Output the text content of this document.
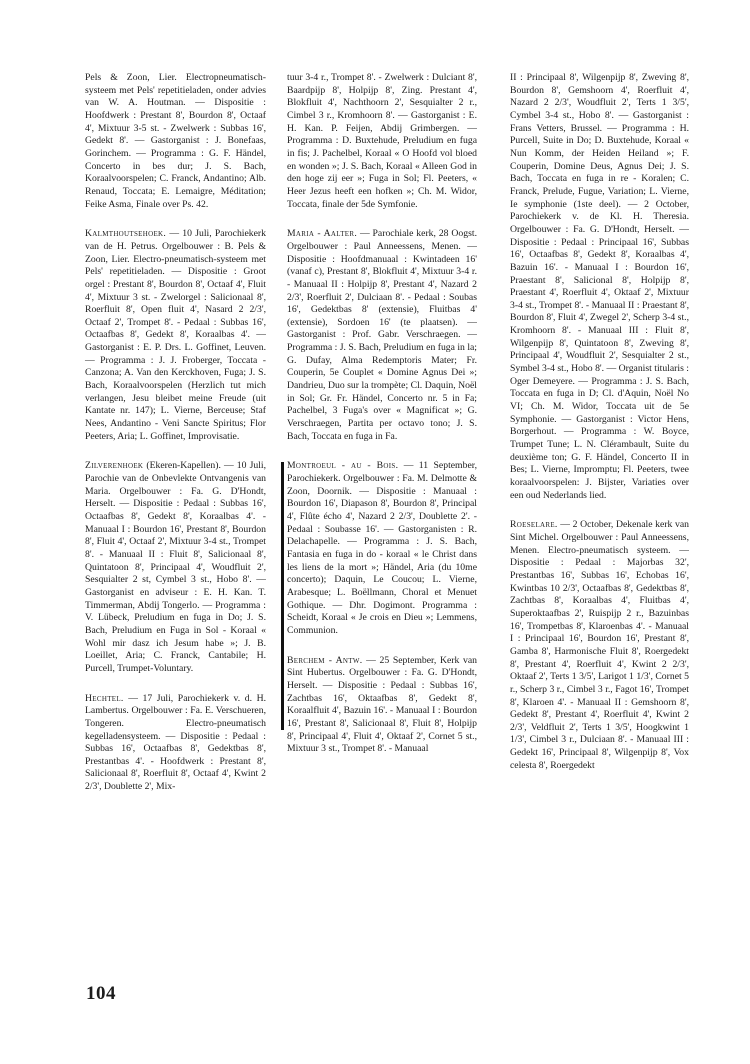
Pels & Zoon, Lier. Electropneumatisch-systeem met Pels' repetitieladen, onder advies van W. A. Houtman. — Dispositie : Hoofdwerk : Prestant 8', Bourdon 8', Octaaf 4', Mixtuur 3-5 st. - Zwelwerk : Subbas 16', Gedekt 8'. — Gastorganist : J. Bonefaas, Gorinchem. — Programma : G. F. Händel, Concerto in bes dur; J. S. Bach, Koraalvoorspelen; C. Franck, Andantino; Alb. Renaud, Toccata; E. Lemaigre, Méditation; Feike Asma, Finale over Ps. 42.

Kalmthoutsehoek. — 10 Juli, Parochiekerk van de H. Petrus. Orgelbouwer : B. Pels & Zoon, Lier. Electro-pneumatisch-systeem met Pels' repetitieladen. — Dispositie : Groot orgel : Prestant 8', Bourdon 8', Octaaf 4', Fluit 4', Mixtuur 3 st. - Zwelorgel : Salicionaal 8', Roerfluit 8', Open fluit 4', Nasard 2 2/3', Octaaf 2', Trompet 8'. - Pedaal : Subbas 16', Octaafbas 8', Gedekt 8', Koraalbas 4'. — Gastorganist : E. P. Drs. L. Goffinet, Leuven. — Programma : J. J. Froberger, Toccata - Canzona; A. Van den Kerckhoven, Fuga; J. S. Bach, Koraalvoorspelen (Herzlich tut mich verlangen, Jesu bleibet meine Freude (uit Kantate nr. 147); L. Vierne, Berceuse; Staf Nees, Andantino - Veni Sancte Spiritus; Flor Peeters, Aria; L. Goffinet, Improvisatie.

Zilverenhoek (Ekeren-Kapellen). — 10 Juli, Parochie van de Onbevlekte Ontvangenis van Maria. Orgelbouwer : Fa. G. D'Hondt, Herselt. — Dispositie : Pedaal : Subbas 16', Octaafbas 8', Gedekt 8', Koraalbas 4'. - Manuaal I : Bourdon 16', Prestant 8', Bourdon 8', Fluit 4', Octaaf 2', Mixtuur 3-4 st., Trompet 8'. - Manuaal II : Fluit 8', Salicionaal 8', Quintatoon 8', Principaal 4', Woudfluit 2', Sesquialter 2 st, Cymbel 3 st., Hobo 8'. — Gastorganist en adviseur : E. H. Kan. T. Timmerman, Abdij Tongerlo. — Programma : V. Lübeck, Preludium en fuga in Do; J. S. Bach, Preludium en Fuga in Sol - Koraal « Wohl mir dasz ich Jesum habe »; J. B. Loeillet, Aria; C. Franck, Cantabile; H. Purcell, Trumpet-Voluntary.

Hechtel. — 17 Juli, Parochiekerk v. d. H. Lambertus. Orgelbouwer : Fa. E. Verschueren, Tongeren. Electro-pneumatisch kegelladensysteem. — Dispositie : Pedaal : Subbas 16', Octaafbas 8', Gedektbas 8', Prestantbas 4'. - Hoofdwerk : Prestant 8', Salicionaal 8', Roerfluit 8', Octaaf 4', Kwint 2 2/3', Doublette 2', Mix-

tuur 3-4 r., Trompet 8'. - Zwelwerk : Dulciant 8', Baardpijp 8', Holpijp 8', Zing. Prestant 4', Blokfluit 4', Nachthoorn 2', Sesquialter 2 r., Cimbel 3 r., Kromhoorn 8'. — Gastorganist : E. H. Kan. P. Feijen, Abdij Grimbergen. — Programma : D. Buxtehude, Preludium en fuga in fis; J. Pachelbel, Koraal « O Hoofd vol bloed en wonden »; J. S. Bach, Koraal « Alleen God in den hoge zij eer »; Fuga in Sol; Fl. Peeters, « Heer Jezus heeft een hofken »; Ch. M. Widor, Toccata, finale der 5de Symfonie.

Maria - Aalter. — Parochiale kerk, 28 Oogst. Orgelbouwer : Paul Anneessens, Menen. — Dispositie : Hoofdmanuaal : Kwintadeen 16' (vanaf c), Prestant 8', Blokfluit 4', Mixtuur 3-4 r. - Manuaal II : Holpijp 8', Prestant 4', Nazard 2 2/3', Roerfluit 2', Dulciaan 8'. - Pedaal : Soubas 16', Gedektbas 8' (extensie), Fluitbas 4' (extensie), Sordoen 16' (te plaatsen). — Gastorganist : Prof. Gabr. Verschraegen. — Programma : J. S. Bach, Preludium en fuga in la; G. Dufay, Alma Redemptoris Mater; Fr. Couperin, 5e Couplet « Domine Agnus Dei »; Dandrieu, Duo sur la trompète; Cl. Daquin, Noël in Sol; Gr. Fr. Händel, Concerto nr. 5 in Fa; Pachelbel, 3 Fuga's over « Magnificat »; G. Verschraegen, Partita per octavo tono; J. S. Bach, Toccata en fuga in Fa.

Montroeul - au - Bois. — 11 September, Parochiekerk. Orgelbouwer : Fa. M. Delmotte & Zoon, Doornik. — Dispositie : Manuaal : Bourdon 16', Diapason 8', Bourdon 8', Principal 4', Flûte écho 4', Nazard 2 2/3', Doublette 2'. - Pedaal : Soubasse 16'. — Gastorganisten : R. Delachapelle. — Programma : J. S. Bach, Fantasia en fuga in do - koraal « le Christ dans les liens de la mort »; Händel, Aria (du 10me concerto); Daquin, Le Coucou; L. Vierne, Arabesque; L. Boëllmann, Choral et Menuet Gothique. — Dhr. Dogimont. Programma : Scheidt, Koraal « Je crois en Dieu »; Lemmens, Communion.

Berchem - Antw. — 25 September, Kerk van Sint Hubertus. Orgelbouwer : Fa. G. D'Hondt, Herselt. — Dispositie : Pedaal : Subbas 16', Zachtbas 16', Oktaafbas 8', Gedekt 8', Koraalfluit 4', Bazuin 16'. - Manuaal I : Bourdon 16', Prestant 8', Salicionaal 8', Fluit 8', Holpijp 8', Principaal 4', Fluit 4', Oktaaf 2', Cornet 5 st., Mixtuur 3 st., Trompet 8'. - Manuaal

II : Principaal 8', Wilgenpijp 8', Zweving 8', Bourdon 8', Gemshoorn 4', Roerfluit 4', Nazard 2 2/3', Woudfluit 2', Terts 1 3/5', Cymbel 3-4 st., Hobo 8'. — Gastorganist : Frans Vetters, Brussel. — Programma : H. Purcell, Suite in Do; D. Buxtehude, Koraal « Nun Komm, der Heiden Heiland »; F. Couperin, Domine Deus, Agnus Dei; J. S. Bach, Toccata en fuga in re - Koralen; C. Franck, Prelude, Fugue, Variation; L. Vierne, Ie symphonie (1ste deel). — 2 October, Parochiekerk v. de Kl. H. Theresia. Orgelbouwer : Fa. G. D'Hondt, Herselt. — Dispositie : Pedaal : Principaal 16', Subbas 16', Octaafbas 8', Gedekt 8', Koraalbas 4', Bazuin 16'. - Manuaal I : Bourdon 16', Praestant 8', Salicional 8', Holpijp 8', Praestant 4', Roerfluit 4', Oktaaf 2', Mixtuur 3-4 st., Trompet 8'. - Manuaal II : Praestant 8', Bourdon 8', Fluit 4', Zwegel 2', Scherp 3-4 st., Kromhoorn 8'. - Manuaal III : Fluit 8', Wilgenpijp 8', Quintatoon 8', Zweving 8', Principaal 4', Woudfluit 2', Sesquialter 2 st., Symbel 3-4 st., Hobo 8'. — Organist titularis : Oger Demeyere. — Programma : J. S. Bach, Toccata en fuga in D; Cl. d'Aquin, Noël No VI; Ch. M. Widor, Toccata uit de 5e Symphonie. — Gastorganist : Victor Hens, Borgerhout. — Programma : W. Boyce, Trumpet Tune; L. N. Clérambault, Suite du deuxième ton; G. F. Händel, Concerto II in Bes; L. Vierne, Impromptu; Fl. Peeters, twee koraalvoorspelen: J. Bijster, Variaties over een oud Nederlands lied.

Roeselare. — 2 October, Dekenale kerk van Sint Michel. Orgelbouwer : Paul Anneessens, Menen. Electro-pneumatisch systeem. — Dispositie : Pedaal : Majorbas 32', Prestantbas 16', Subbas 16', Echobas 16', Kwintbas 10 2/3', Octaafbas 8', Gedektbas 8', Zachtbas 8', Koraalbas 4', Fluitbas 4', Superoktaafbas 2', Ruispijp 2 r., Bazuinbas 16', Trompetbas 8', Klaroenbas 4'. - Manuaal I : Principaal 16', Bourdon 16', Prestant 8', Gamba 8', Harmonische Fluit 8', Roergedekt 8', Prestant 4', Roerfluit 4', Kwint 2 2/3', Oktaaf 2', Terts 1 3/5', Larigot 1 1/3', Cornet 5 r., Scherp 3 r., Cimbel 3 r., Fagot 16', Trompet 8', Klaroen 4'. - Manuaal II : Gemshoorn 8', Gedekt 8', Prestant 4', Roerfluit 4', Kwint 2 2/3', Veldfluit 2', Terts 1 3/5', Hoogkwint 1 1/3', Cimbel 3 r., Dulciaan 8'. - Manuaal III : Gedekt 16', Principaal 8', Wilgenpijp 8', Vox celesta 8', Roergedekt

104
